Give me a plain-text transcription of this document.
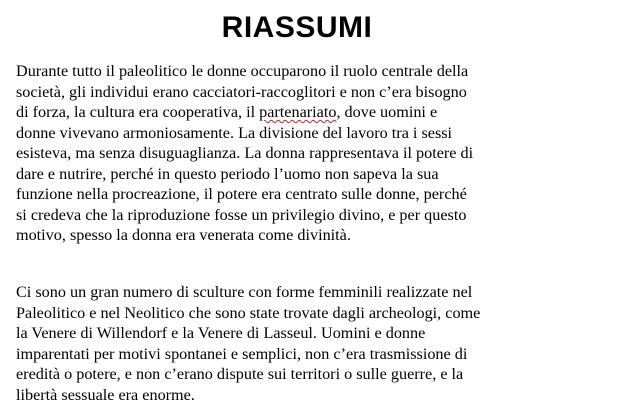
RIASSUMI

Durante tutto il paleolitico le donne occuparono il ruolo centrale della
società, gli individui erano cacciatori-raccoglitori e non c’era bisogno
di forza, la cultura era cooperativa, il partenariato, dove uomini e
donne vivevano armoniosamente. La divisione del lavoro tra i sessi
esisteva, ma senza disuguaglianza. La donna rappresentava il potere di
dare e nutrire, perché in questo periodo l’uomo non sapeva la sua
funzione nella procreazione, il potere era centrato sulle donne, perché
si credeva che la riproduzione fosse un privilegio divino, e per questo
motivo, spesso la donna era venerata come divinità.

Ci sono un gran numero di sculture con forme femminili realizzate nel
Paleolitico e nel Neolitico che sono state trovate dagli archeologi, come
la Venere di Willendorf e la Venere di Lasseul. Uomini e donne
imparentati per motivi spontanei e semplici, non c’era trasmissione di
eredità o potere, e non c’erano dispute sui territori o sulle guerre, e la
libertà sessuale era enorme.
